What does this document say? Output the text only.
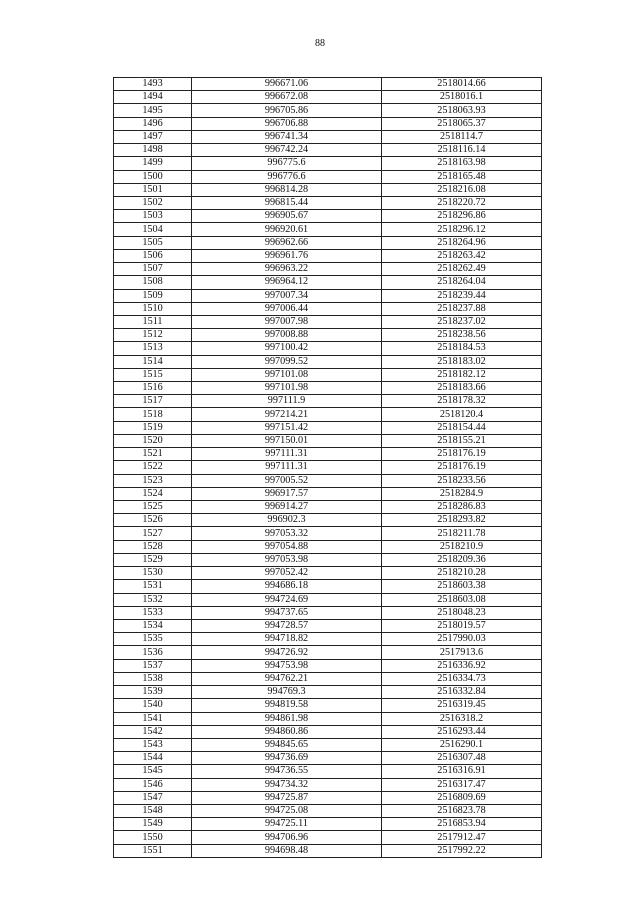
88
1493	996671.06	2518014.66
1494	996672.08	2518016.1
1495	996705.86	2518063.93
1496	996706.88	2518065.37
1497	996741.34	2518114.7
1498	996742.24	2518116.14
1499	996775.6	2518163.98
1500	996776.6	2518165.48
1501	996814.28	2518216.08
1502	996815.44	2518220.72
1503	996905.67	2518296.86
1504	996920.61	2518296.12
1505	996962.66	2518264.96
1506	996961.76	2518263.42
1507	996963.22	2518262.49
1508	996964.12	2518264.04
1509	997007.34	2518239.44
1510	997006.44	2518237.88
1511	997007.98	2518237.02
1512	997008.88	2518238.56
1513	997100.42	2518184.53
1514	997099.52	2518183.02
1515	997101.08	2518182.12
1516	997101.98	2518183.66
1517	997111.9	2518178.32
1518	997214.21	2518120.4
1519	997151.42	2518154.44
1520	997150.01	2518155.21
1521	997111.31	2518176.19
1522	997111.31	2518176.19
1523	997005.52	2518233.56
1524	996917.57	2518284.9
1525	996914.27	2518286.83
1526	996902.3	2518293.82
1527	997053.32	2518211.78
1528	997054.88	2518210.9
1529	997053.98	2518209.36
1530	997052.42	2518210.28
1531	994686.18	2518603.38
1532	994724.69	2518603.08
1533	994737.65	2518048.23
1534	994728.57	2518019.57
1535	994718.82	2517990.03
1536	994726.92	2517913.6
1537	994753.98	2516336.92
1538	994762.21	2516334.73
1539	994769.3	2516332.84
1540	994819.58	2516319.45
1541	994861.98	2516318.2
1542	994860.86	2516293.44
1543	994845.65	2516290.1
1544	994736.69	2516307.48
1545	994736.55	2516316.91
1546	994734.32	2516317.47
1547	994725.87	2516809.69
1548	994725.08	2516823.78
1549	994725.11	2516853.94
1550	994706.96	2517912.47
1551	994698.48	2517992.22
